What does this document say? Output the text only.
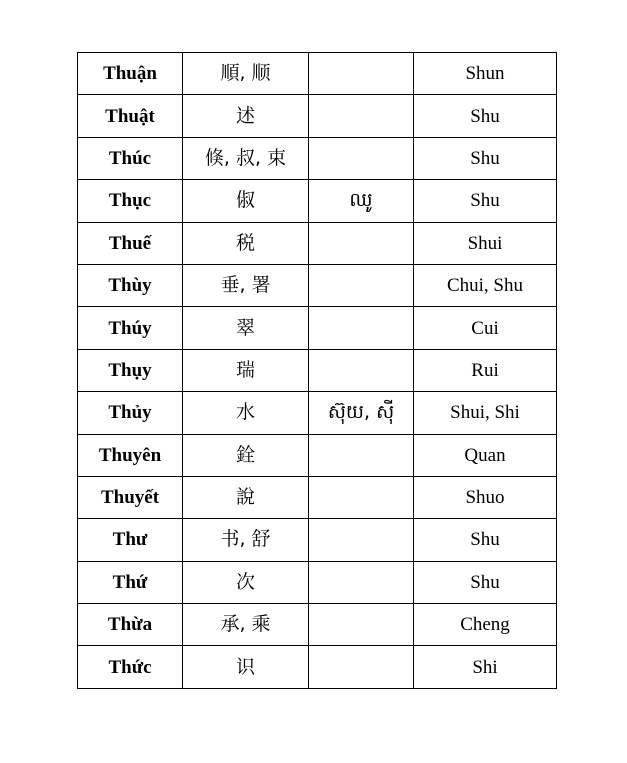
Thuận	順, 顺		Shun
Thuật	述		Shu
Thúc	倏, 叔, 束		Shu
Thục	俶	ឈូ	Shu
Thuế	税		Shui
Thùy	垂, 署		Chui, Shu
Thúy	翠		Cui
Thụy	瑞		Rui
Thủy	水	ស៊ុយ, ស៊ី	Shui, Shi
Thuyên	銓		Quan
Thuyết	說		Shuo
Thư	书, 舒		Shu
Thứ	次		Shu
Thừa	承, 乘		Cheng
Thức	识		Shi
